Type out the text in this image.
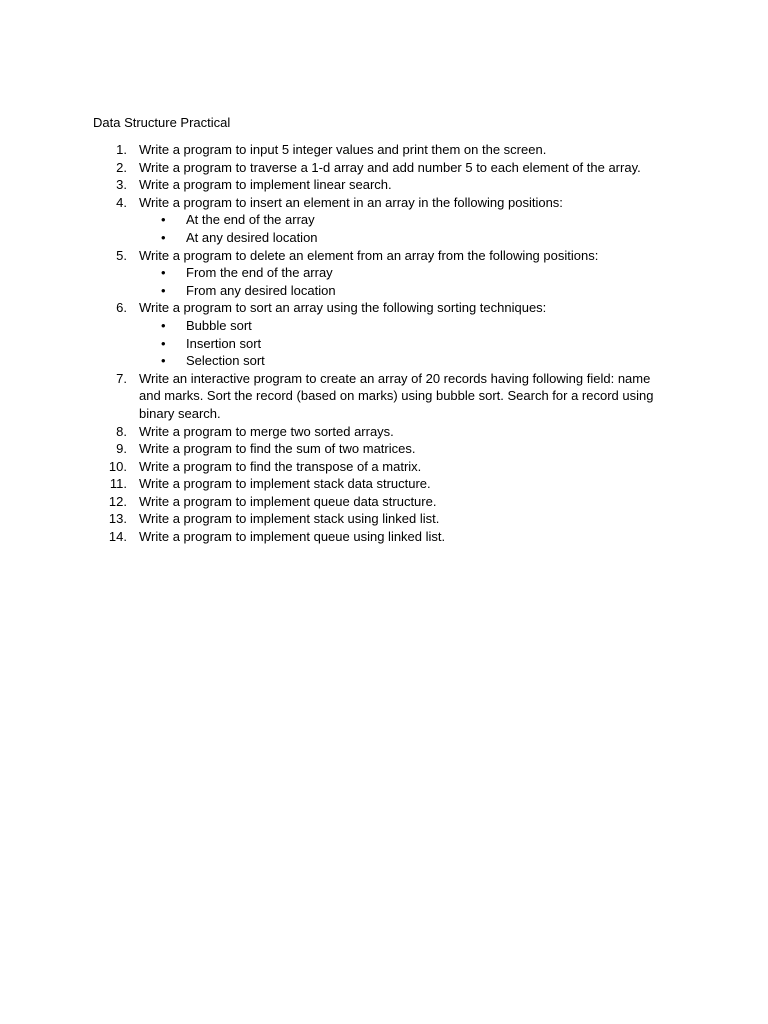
Data Structure Practical
1. Write a program to input 5 integer values and print them on the screen.
2. Write a program to traverse a 1-d array and add number 5 to each element of the array.
3. Write a program to implement linear search.
4. Write a program to insert an element in an array in the following positions:
• At the end of the array
• At any desired location
5. Write a program to delete an element from an array from the following positions:
• From the end of the array
• From any desired location
6. Write a program to sort an array using the following sorting techniques:
• Bubble sort
• Insertion sort
• Selection sort
7. Write an interactive program to create an array of 20 records having following field: name and marks. Sort the record (based on marks) using bubble sort. Search for a record using binary search.
8. Write a program to merge two sorted arrays.
9. Write a program to find the sum of two matrices.
10. Write a program to find the transpose of a matrix.
11. Write a program to implement stack data structure.
12. Write a program to implement queue data structure.
13. Write a program to implement stack using linked list.
14. Write a program to implement queue using linked list.
